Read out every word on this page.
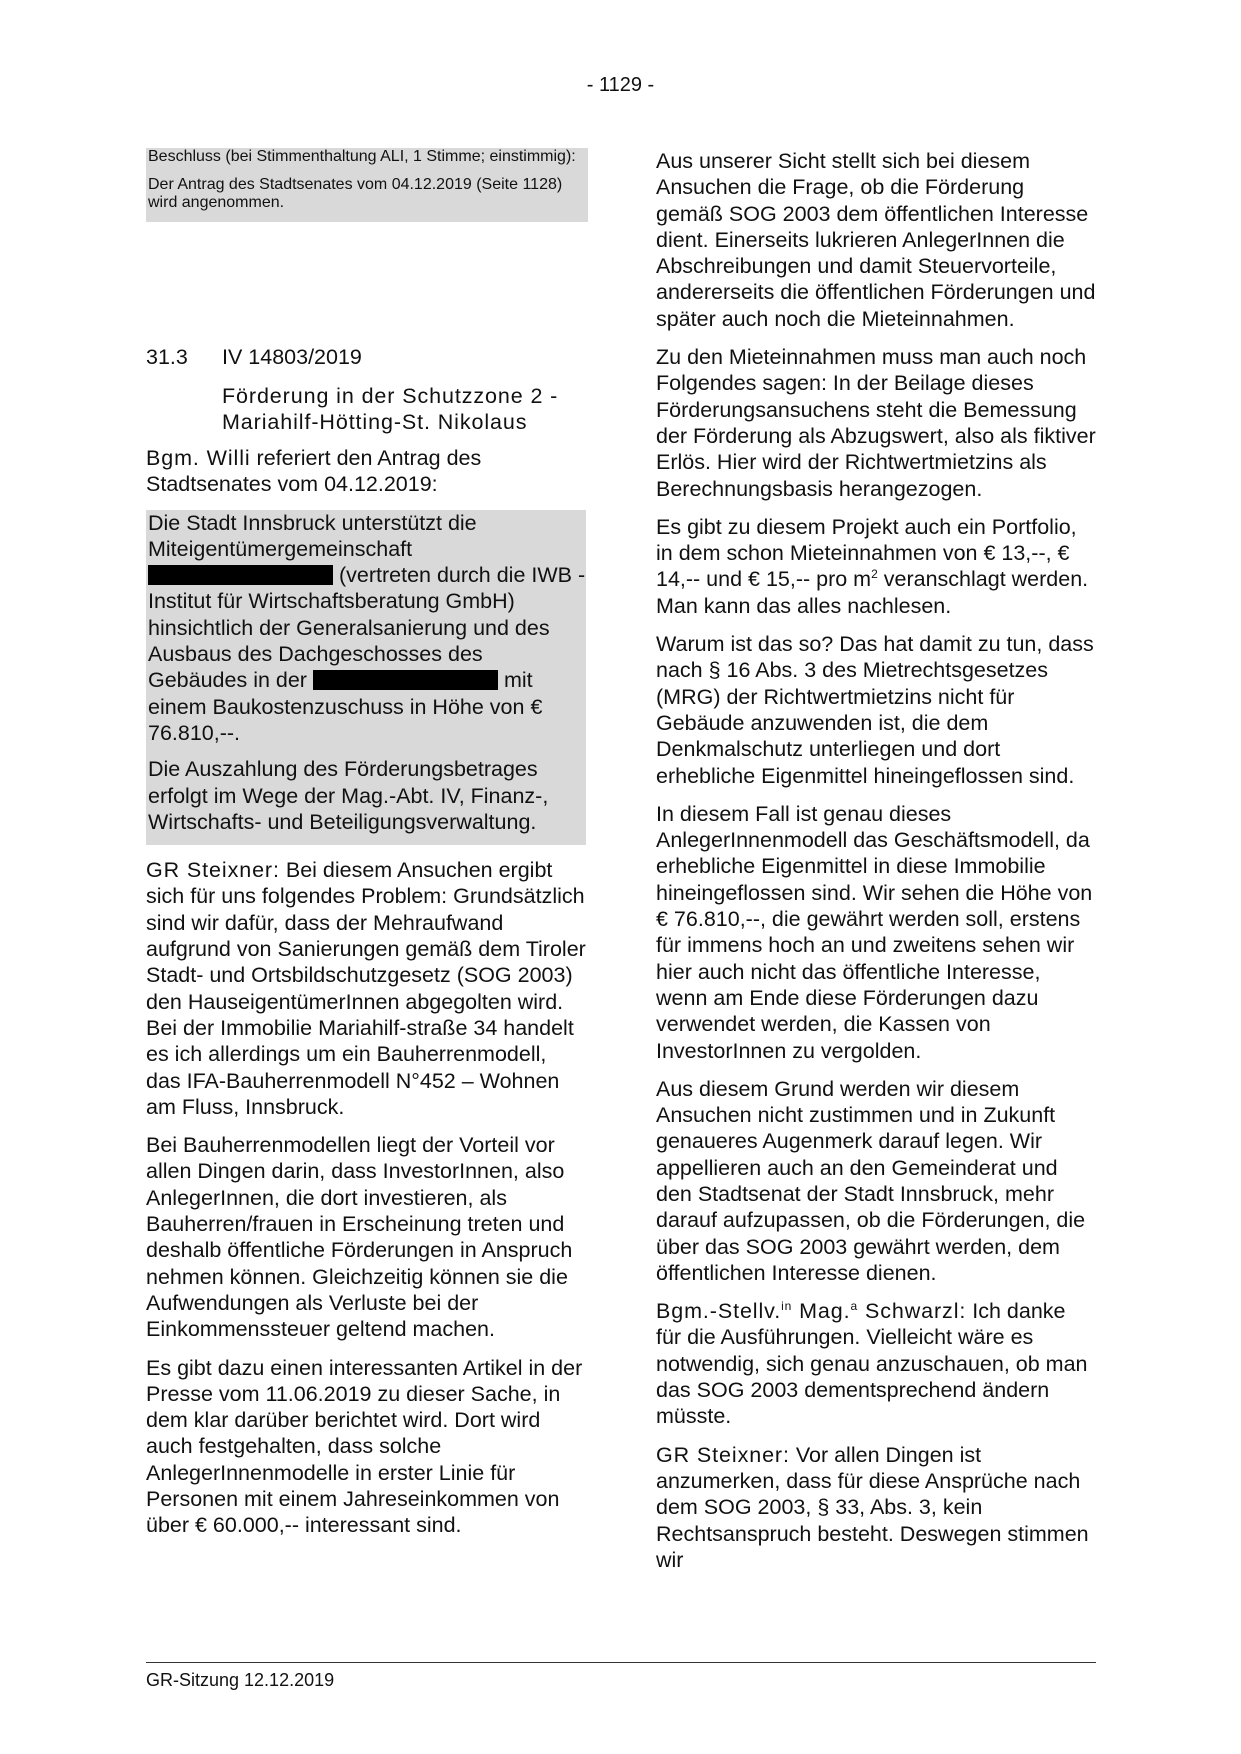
- 1129 -

Beschluss (bei Stimmenthaltung ALI, 1 Stimme; einstimmig):

Der Antrag des Stadtsenates vom 04.12.2019 (Seite 1128) wird angenommen.

31.3 IV 14803/2019
Förderung in der Schutzzone 2 - Mariahilf-Hötting-St. Nikolaus

Bgm. Willi referiert den Antrag des Stadtsenates vom 04.12.2019:

Die Stadt Innsbruck unterstützt die Miteigentümergemeinschaft  (vertreten durch die IWB - Institut für Wirtschaftsberatung GmbH) hinsichtlich der Generalsanierung und des Ausbaus des Dachgeschosses des Gebäudes in der	mit einem Baukostenzuschuss in Höhe von € 76.810,--.

Die Auszahlung des Förderungsbetrages erfolgt im Wege der Mag.-Abt. IV, Finanz-, Wirtschafts- und Beteiligungsverwaltung.

GR Steixner: Bei diesem Ansuchen ergibt sich für uns folgendes Problem: Grundsätzlich sind wir dafür, dass der Mehraufwand aufgrund von Sanierungen gemäß dem Tiroler Stadt- und Ortsbildschutzgesetz (SOG 2003) den HauseigentümerInnen abgegolten wird. Bei der Immobilie Mariahilf-straße 34 handelt es ich allerdings um ein Bauherrenmodell, das IFA-Bauherrenmodell N°452 – Wohnen am Fluss, Innsbruck.

Bei Bauherrenmodellen liegt der Vorteil vor allen Dingen darin, dass InvestorInnen, also AnlegerInnen, die dort investieren, als Bauherren/frauen in Erscheinung treten und deshalb öffentliche Förderungen in Anspruch nehmen können. Gleichzeitig können sie die Aufwendungen als Verluste bei der Einkommenssteuer geltend machen.

Es gibt dazu einen interessanten Artikel in der Presse vom 11.06.2019 zu dieser Sache, in dem klar darüber berichtet wird. Dort wird auch festgehalten, dass solche AnlegerInnenmodelle in erster Linie für Personen mit einem Jahreseinkommen von über € 60.000,-- interessant sind.

Aus unserer Sicht stellt sich bei diesem Ansuchen die Frage, ob die Förderung gemäß SOG 2003 dem öffentlichen Interesse dient. Einerseits lukrieren AnlegerInnen die Abschreibungen und damit Steuervorteile, andererseits die öffentlichen Förderungen und später auch noch die Mieteinnahmen.

Zu den Mieteinnahmen muss man auch noch Folgendes sagen: In der Beilage dieses Förderungsansuchens steht die Bemessung der Förderung als Abzugswert, also als fiktiver Erlös. Hier wird der Richtwertmietzins als Berechnungsbasis herangezogen.

Es gibt zu diesem Projekt auch ein Portfolio, in dem schon Mieteinnahmen von € 13,--, € 14,-- und € 15,-- pro $m^2$ veranschlagt werden. Man kann das alles nachlesen.

Warum ist das so? Das hat damit zu tun, dass nach § 16 Abs. 3 des Mietrechtsgesetzes (MRG) der Richtwertmietzins nicht für Gebäude anzuwenden ist, die dem Denkmalschutz unterliegen und dort erhebliche Eigenmittel hineingeflossen sind.

In diesem Fall ist genau dieses AnlegerInnenmodell das Geschäftsmodell, da erhebliche Eigenmittel in diese Immobilie hineingeflossen sind. Wir sehen die Höhe von € 76.810,--, die gewährt werden soll, erstens für immens hoch an und zweitens sehen wir hier auch nicht das öffentliche Interesse, wenn am Ende diese Förderungen dazu verwendet werden, die Kassen von InvestorInnen zu vergolden.

Aus diesem Grund werden wir diesem Ansuchen nicht zustimmen und in Zukunft genaueres Augenmerk darauf legen. Wir appellieren auch an den Gemeinderat und den Stadtsenat der Stadt Innsbruck, mehr darauf aufzupassen, ob die Förderungen, die über das SOG 2003 gewährt werden, dem öffentlichen Interesse dienen.

Bgm.-Stellv.$^{in}$ Mag.$^a$ Schwarzl: Ich danke für die Ausführungen. Vielleicht wäre es notwendig, sich genau anzuschauen, ob man das SOG 2003 dementsprechend ändern müsste.

GR Steixner: Vor allen Dingen ist anzumerken, dass für diese Ansprüche nach dem SOG 2003, § 33, Abs. 3, kein Rechtsanspruch besteht. Deswegen stimmen wir

GR-Sitzung 12.12.2019
